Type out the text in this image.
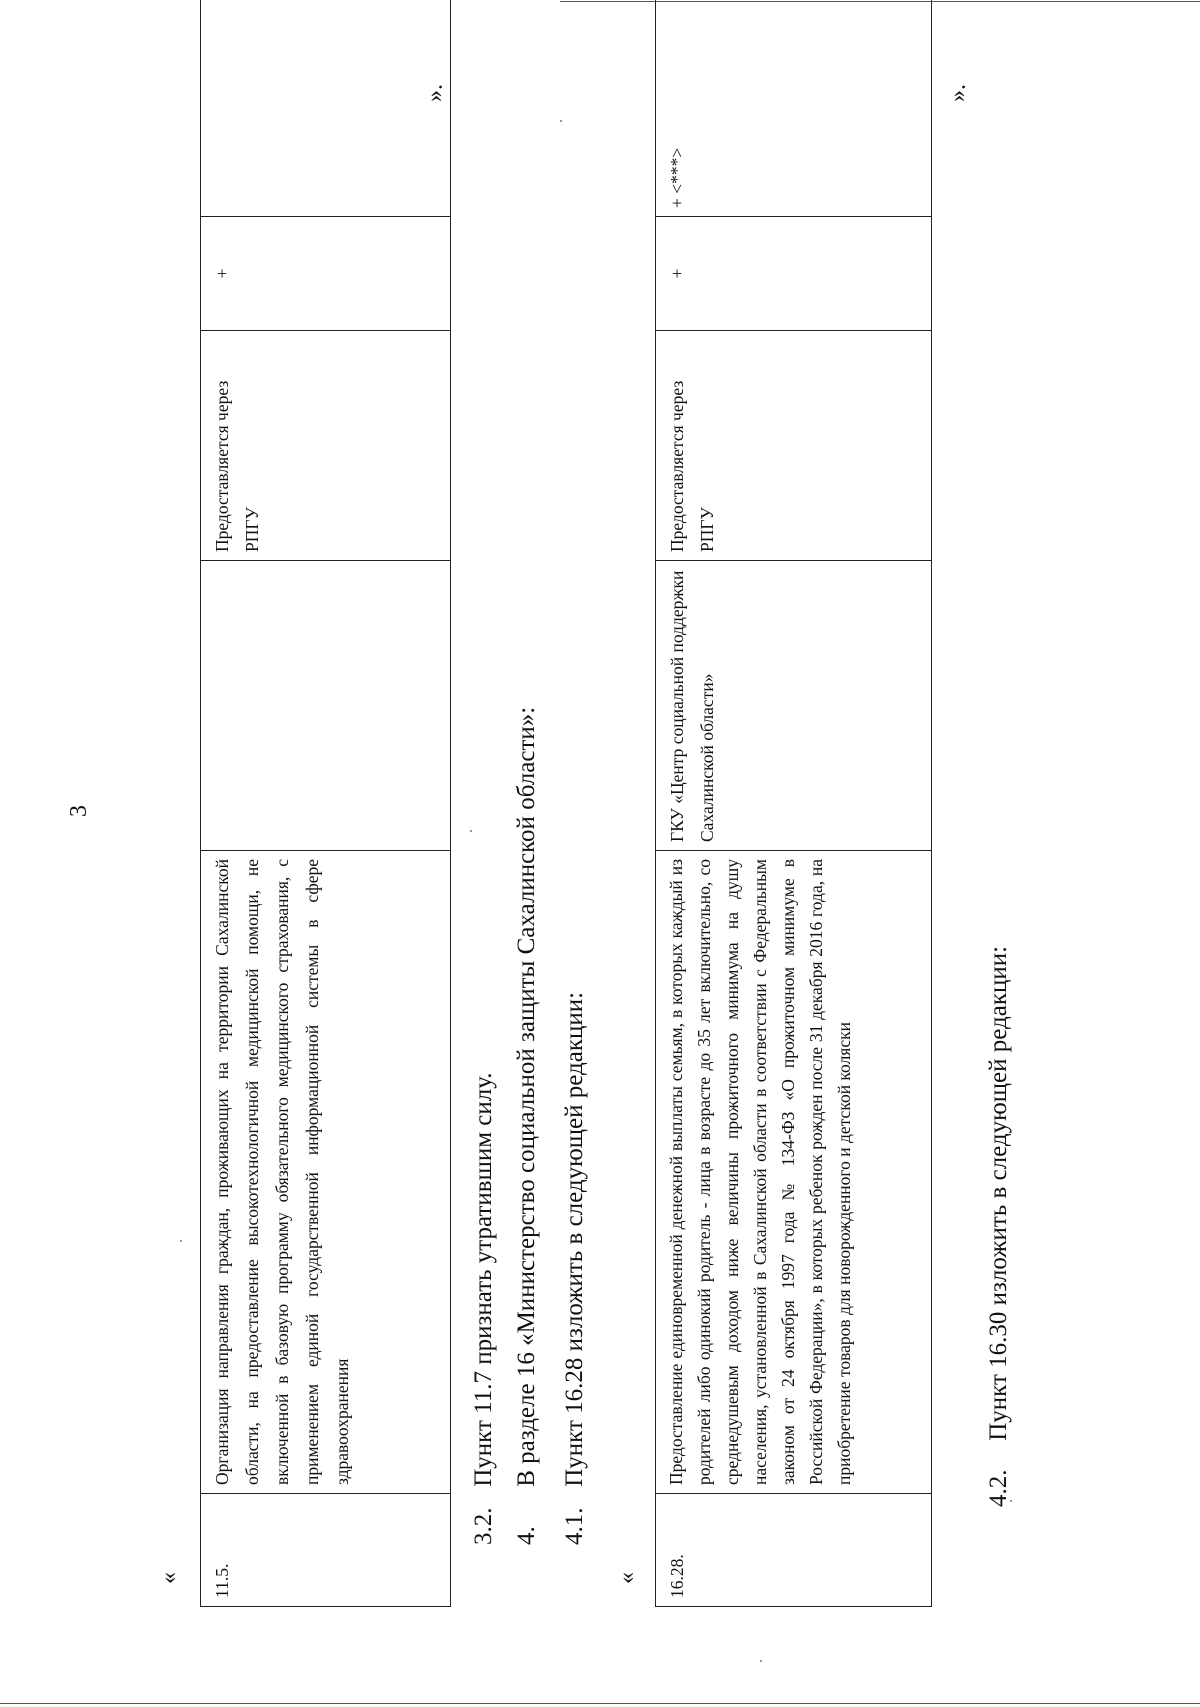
3
« 11.5.	Организация направления граждан, проживающих на территории Сахалинской области, на предоставление высокотехнологичной медицинской помощи, не включенной в базовую программу обязательного медицинского страхования, с применением единой государственной информационной системы в сфере здравоохранения		Предоставляется через РПГУ	+	
».
3.2. Пункт 11.7 признать утратившим силу.
4. В разделе 16 «Министерство социальной защиты Сахалинской области»:
4.1. Пункт 16.28 изложить в следующей редакции:
« 16.28.	Предоставление единовременной денежной выплаты семьям, в которых каждый из родителей либо одинокий родитель - лица в возрасте до 35 лет включительно, со среднедушевым доходом ниже величины прожиточного минимума на душу населения, установленной в Сахалинской области в соответствии с Федеральным законом от 24 октября 1997 года № 134-ФЗ «О прожиточном минимуме в Российской Федерации», в которых ребенок рожден после 31 декабря 2016 года, на приобретение товаров для новорожденного и детской коляски	ГКУ «Центр социальной поддержки Сахалинской области»	Предоставляется через РПГУ	+	+ <***>
».
4.2. Пункт 16.30 изложить в следующей редакции:
